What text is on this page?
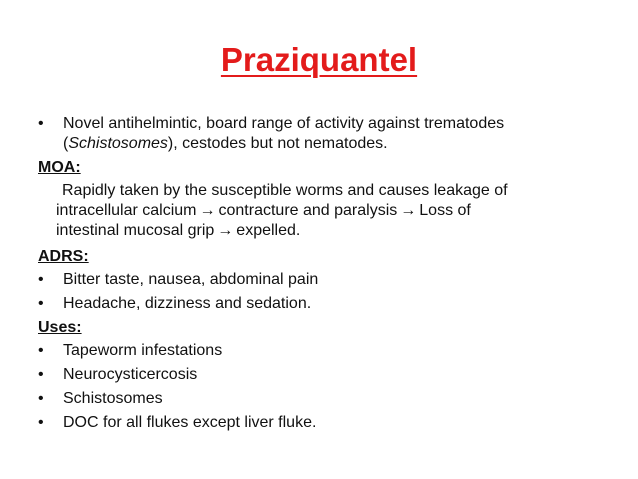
Praziquantel
• Novel antihelmintic, board range of activity against trematodes
(Schistosomes), cestodes but not nematodes.
MOA:
Rapidly taken by the susceptible worms and causes leakage of
intracellular calcium → contracture and paralysis → Loss of
intestinal mucosal grip → expelled.
ADRS:
• Bitter taste, nausea, abdominal pain
• Headache, dizziness and sedation.
Uses:
• Tapeworm infestations
• Neurocysticercosis
• Schistosomes
• DOC for all flukes except liver fluke.
